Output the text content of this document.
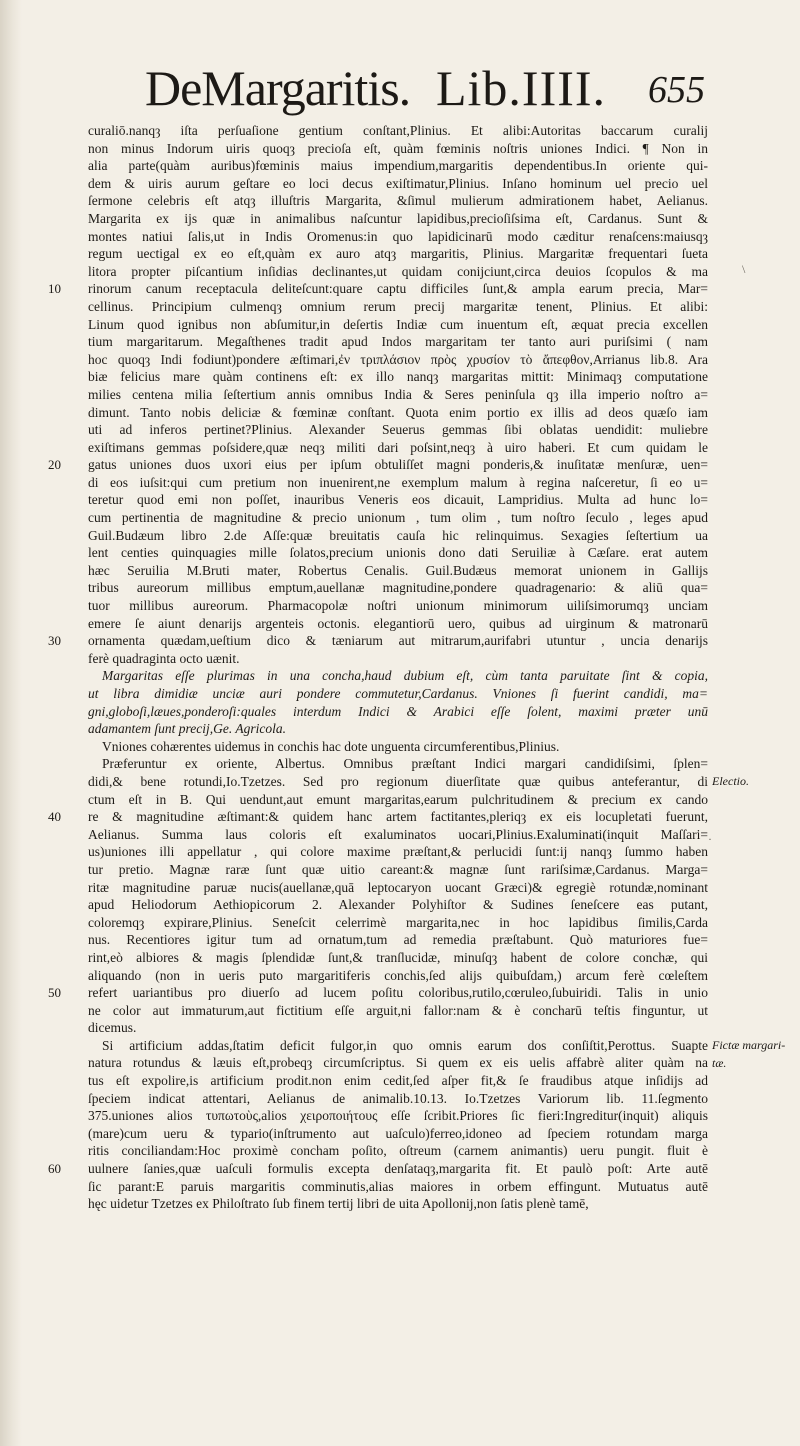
DeMargaritis. Lib.IIII. 655
curaliō.nanqȝ iſta perſuaſione gentium conſtant,Plinius. Et alibi:Autoritas baccarum curalij
non minus Indorum uiris quoqȝ precioſa eſt, quàm fœminis noſtris uniones Indici. ¶ Non in
alia parte(quàm auribus)fœminis maius impendium,margaritis dependentibus.In oriente qui-
dem & uiris aurum geſtare eo loci decus exiſtimatur,Plinius. Inſano hominum uel precio uel
ſermone celebris eſt atqȝ illuſtris Margarita, &ſimul mulierum admirationem habet, Aelianus.
Margarita ex ijs quæ in animalibus naſcuntur lapidibus,precioſiſsima eſt, Cardanus. Sunt &
montes natiui ſalis,ut in Indis Oromenus:in quo lapidicinarū modo cæditur renaſcens:maiusqȝ
regum uectigal ex eo eſt,quàm ex auro atqȝ margaritis, Plinius. Margaritæ frequentari ſueta
litora propter piſcantium inſidias declinantes,ut quidam conijciunt,circa deuios ſcopulos & ma
rinorum canum receptacula deliteſcunt:quare captu difficiles ſunt,& ampla earum precia, Mar=
cellinus. Principium culmenqȝ omnium rerum precij margaritæ tenent, Plinius. Et alibi:
Linum quod ignibus non abſumitur,in deſertis Indiæ cum inuentum eſt, æquat precia excellen
tium margaritarum. Megaſthenes tradit apud Indos margaritam ter tanto auri puriſsimi ( nam
hoc quoqȝ Indi fodiunt)pondere æſtimari,ἐν τριπλάσιον πρὸς χρυσίον τὸ ἄπεφθον,Arrianus lib.8. Ara
biæ felicius mare quàm continens eſt: ex illo nanqȝ margaritas mittit: Minimaqȝ computatione
milies centena milia ſeſtertium annis omnibus India & Seres peninſula qȝ illa imperio noſtro a=
dimunt. Tanto nobis deliciæ & fœminæ conſtant. Quota enim portio ex illis ad deos quæſo iam
uti ad inferos pertinet?Plinius. Alexander Seuerus gemmas ſibi oblatas uendidit: muliebre
exiſtimans gemmas poſsidere,quæ neqȝ militi dari poſsint,neqȝ à uiro haberi. Et cum quidam le
gatus uniones duos uxori eius per ipſum obtuliſſet magni ponderis,& inuſitatæ menſuræ, uen=
di eos iuſsit:qui cum pretium non inuenirent,ne exemplum malum à regina naſceretur, ſi eo u=
teretur quod emi non poſſet, inauribus Veneris eos dicauit, Lampridius. Multa ad hunc lo=
cum pertinentia de magnitudine & precio unionum , tum olim , tum noſtro ſeculo , leges apud
Guil.Budæum libro 2.de Aſſe:quæ breuitatis cauſa hic relinquimus. Sexagies ſeſtertium ua
lent centies quinquagies mille ſolatos,precium unionis dono dati Seruiliæ à Cæſare. erat autem
hæc Seruilia M.Bruti mater, Robertus Cenalis. Guil.Budæus memorat unionem in Gallijs
tribus aureorum millibus emptum,auellanæ magnitudine,pondere quadragenario: & aliū qua=
tuor millibus aureorum. Pharmacopolæ noſtri unionum minimorum uiliſsimorumqȝ unciam
emere ſe aiunt denarijs argenteis octonis. elegantiorū uero, quibus ad uirginum & matronarū
ornamenta quædam,ueſtium dico & tæniarum aut mitrarum,aurifabri utuntur , uncia denarijs
ferè quadraginta octo uænit.
Margaritas eſſe plurimas in una concha,haud dubium eſt, cùm tanta paruitate ſint & copia,
ut libra dimidiæ unciæ auri pondere commutetur,Cardanus. Vniones ſi fuerint candidi, ma=
gni,globoſi,læues,ponderoſi:quales interdum Indici & Arabici eſſe ſolent, maximi præter unū
adamantem ſunt precij,Ge. Agricola.
Vniones cohærentes uidemus in conchis hac dote unguenta circumferentibus,Plinius.
Præferuntur ex oriente, Albertus. Omnibus præſtant Indici margari candidiſsimi, ſplen=
didi,& bene rotundi,Io.Tzetzes. Sed pro regionum diuerſitate quæ quibus anteferantur, di
ctum eſt in B. Qui uendunt,aut emunt margaritas,earum pulchritudinem & precium ex cando
re & magnitudine æſtimant:& quidem hanc artem factitantes,pleriqȝ ex eis locupletati fuerunt,
Aelianus. Summa laus coloris eſt exaluminatos uocari,Plinius.Exaluminati(inquit Maſſari=
us)uniones illi appellatur , qui colore maxime præſtant,& perlucidi ſunt:ij nanqȝ ſummo haben
tur pretio. Magnæ raræ ſunt quæ uitio careant:& magnæ ſunt rariſsimæ,Cardanus. Marga=
ritæ magnitudine paruæ nucis(auellanæ,quā leptocaryon uocant Græci)& egregiè rotundæ,nominant
apud Heliodorum Aethiopicorum 2. Alexander Polyhiſtor & Sudines ſeneſcere eas putant,
coloremqȝ expirare,Plinius. Seneſcit celerrimè margarita,nec in hoc lapidibus ſimilis,Carda
nus. Recentiores igitur tum ad ornatum,tum ad remedia præſtabunt. Quò maturiores fue=
rint,eò albiores & magis ſplendidæ ſunt,& tranſlucidæ, minuſqȝ habent de colore conchæ, qui
aliquando (non in ueris puto margaritiferis conchis,ſed alijs quibuſdam,) arcum ferè cœleſtem
refert uariantibus pro diuerſo ad lucem poſitu coloribus,rutilo,cœruleo,ſubuiridi. Talis in unio
ne color aut immaturum,aut fictitium eſſe arguit,ni fallor:nam & è concharū teſtis finguntur, ut
dicemus.
Si artificium addas,ſtatim deficit fulgor,in quo omnis earum dos conſiſtit,Perottus. Suapte
natura rotundus & læuis eſt,probeqȝ circumſcriptus. Si quem ex eis uelis affabrè aliter quàm na
tus eſt expolire,is artificium prodit.non enim cedit,ſed aſper fit,& ſe fraudibus atque inſidijs ad
ſpeciem indicat attentari, Aelianus de animalib.10.13. Io.Tzetzes Variorum lib. 11.ſegmento
375.uniones alios τυπωτοὺς,alios χειροποιήτους eſſe ſcribit.Priores ſic fieri:Ingreditur(inquit) aliquis
(mare)cum ueru & typario(inſtrumento aut uaſculo)ferreo,idoneo ad ſpeciem rotundam marga
ritis conciliandam:Hoc proximè concham poſito, oſtreum (carnem animantis) ueru pungit. fluit è
uulnere ſanies,quæ uaſculi formulis excepta denſataqȝ,margarita fit. Et paulò poſt: Arte autē
ſic parant:E paruis margaritis comminutis,alias maiores in orbem effingunt. Mutuatus autē
hęc uidetur Tzetzes ex Philoſtrato ſub finem tertij libri de uita Apollonij,non ſatis plenè tamē,
10
20
30
40
50
60
Electio.
Fictæ margari-
tæ.
\
·
